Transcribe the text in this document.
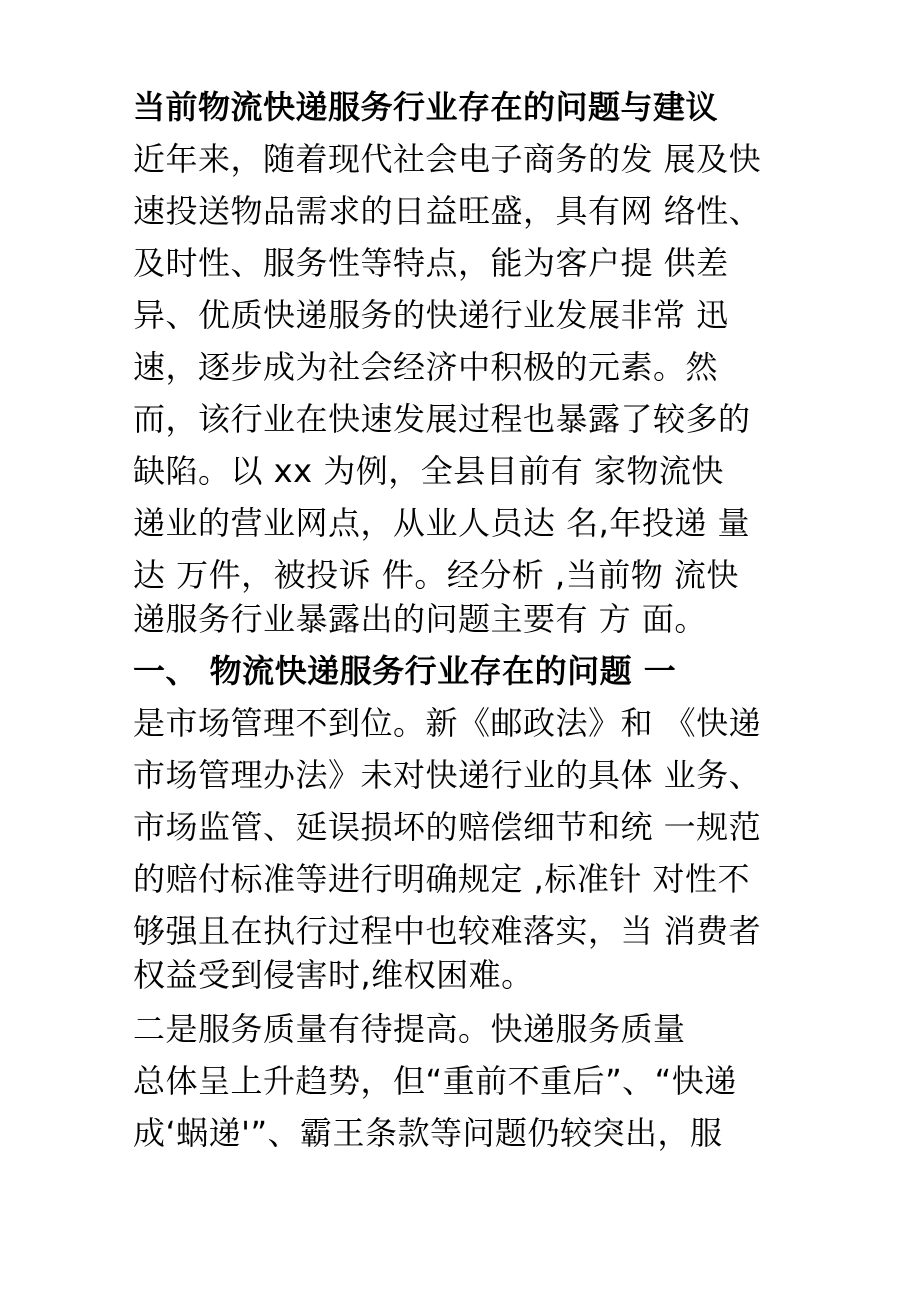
当前物流快递服务行业存在的问题与建议
近年来，随着现代社会电子商务的发 展及快
速投送物品需求的日益旺盛，具有网 络性、
及时性、服务性等特点，能为客户提 供差
异、优质快递服务的快递行业发展非常 迅
速，逐步成为社会经济中积极的元素。然
而，该行业在快速发展过程也暴露了较多的
缺陷。以 xx 为例，全县目前有 家物流快
递业的营业网点，从业人员达 名,年投递 量
达 万件，被投诉 件。经分析 ,当前物 流快
递服务行业暴露出的问题主要有 方 面。
一、 物流快递服务行业存在的问题 一
是市场管理不到位。新《邮政法》和 《快递
市场管理办法》未对快递行业的具体 业务、
市场监管、延误损坏的赔偿细节和统 一规范
的赔付标准等进行明确规定 ,标准针 对性不
够强且在执行过程中也较难落实，当 消费者
权益受到侵害时,维权困难。
二是服务质量有待提高。快递服务质量
总体呈上升趋势，但“重前不重后”、“快递
成‘蜗递'”、霸王条款等问题仍较突出，服
